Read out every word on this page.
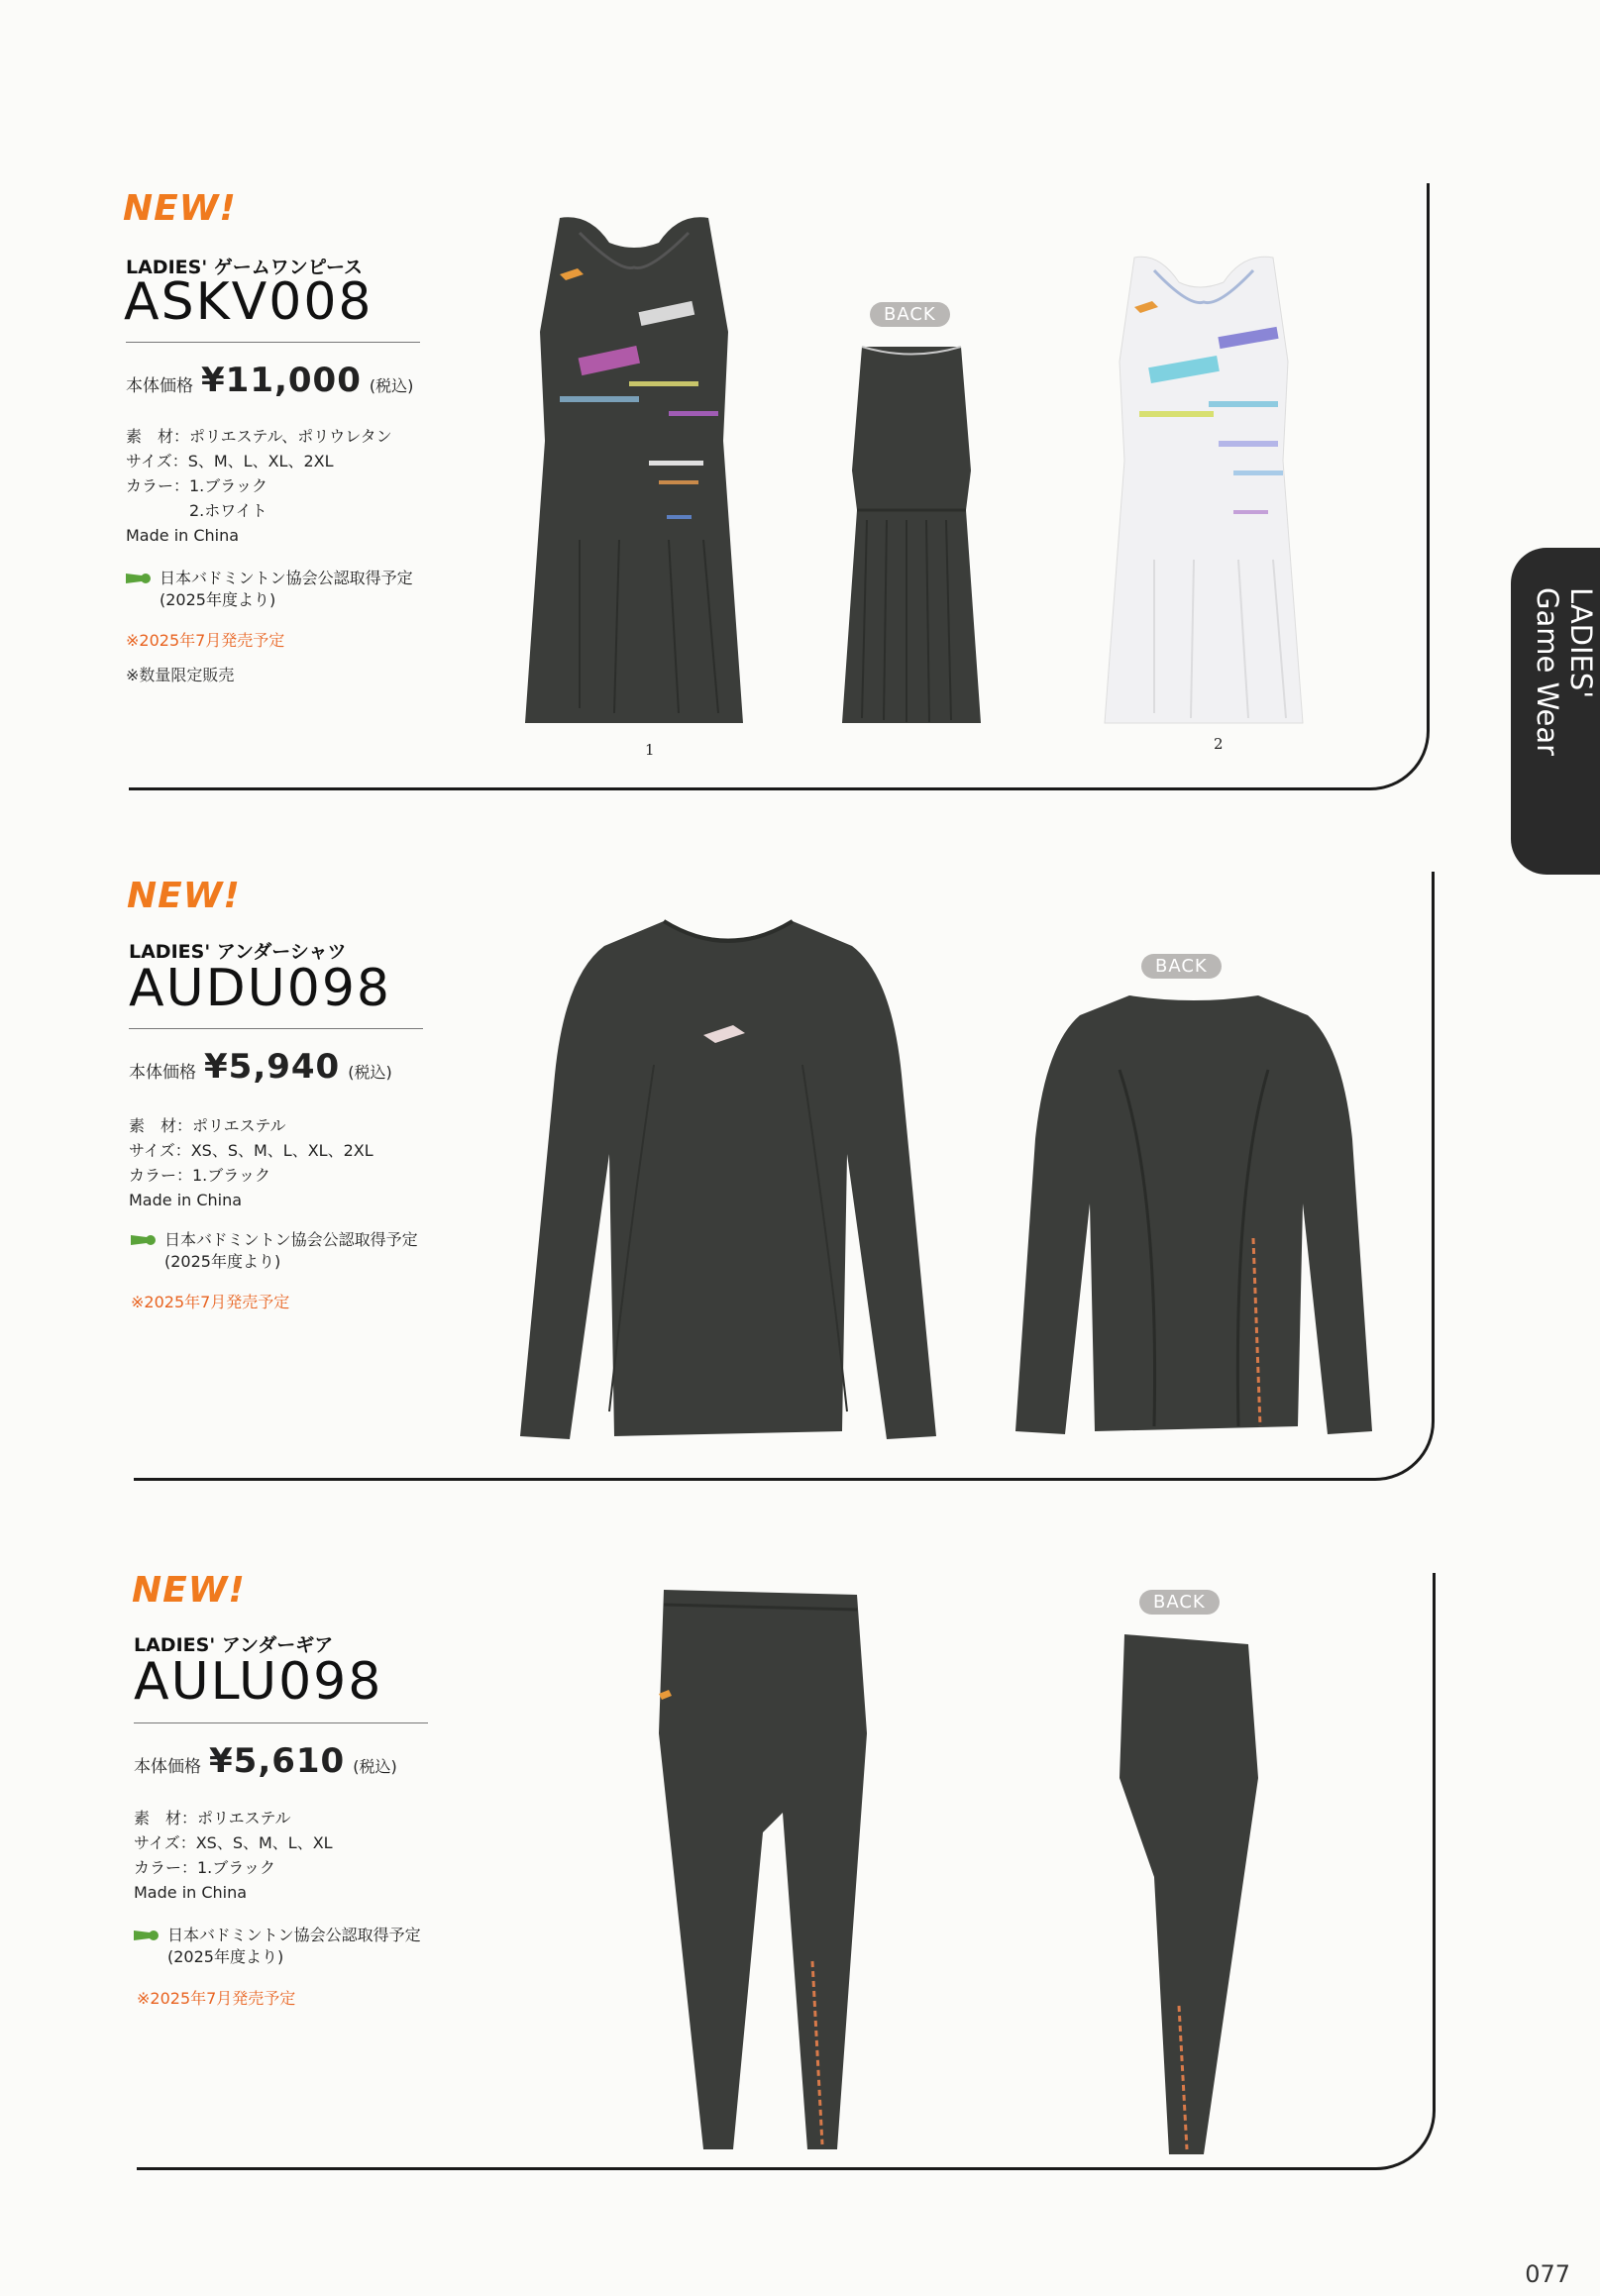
NEW!
LADIES' ゲームワンピース
ASKV008
本体価格 ¥11,000 (税込)
素　材：ポリエステル、ポリウレタン
サイズ：S、M、L、XL、2XL
カラー：1.ブラック
　　　　2.ホワイト
Made in China
日本バドミントン協会公認取得予定
(2025年度より)
※2025年7月発売予定
※数量限定販売
BACK
1	2
NEW!
LADIES' アンダーシャツ
AUDU098
本体価格 ¥5,940 (税込)
素　材：ポリエステル
サイズ：XS、S、M、L、XL、2XL
カラー：1.ブラック
Made in China
日本バドミントン協会公認取得予定
(2025年度より)
※2025年7月発売予定
BACK
NEW!
LADIES' アンダーギア
AULU098
本体価格 ¥5,610 (税込)
素　材：ポリエステル
サイズ：XS、S、M、L、XL
カラー：1.ブラック
Made in China
日本バドミントン協会公認取得予定
(2025年度より)
※2025年7月発売予定
BACK
LADIES'
Game Wear
077
